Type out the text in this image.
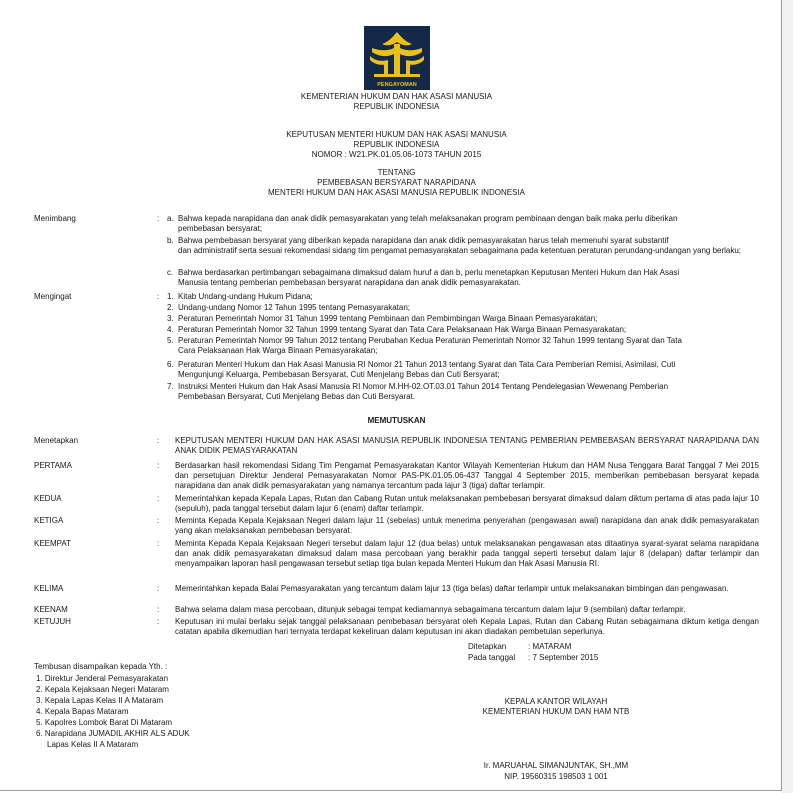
PENGAYOMAN
KEMENTERIAN HUKUM DAN HAK ASASI MANUSIA
REPUBLIK INDONESIA
KEPUTUSAN MENTERI HUKUM DAN HAK ASASI MANUSIA
REPUBLIK INDONESIA
NOMOR : W21.PK.01.05.06-1073 TAHUN 2015
TENTANG
PEMBEBASAN BERSYARAT NARAPIDANA
MENTERI HUKUM DAN HAK ASASI MANUSIA REPUBLIK INDONESIA
Menimbang	: a. Bahwa kepada narapidana dan anak didik pemasyarakatan yang telah melaksanakan program pembinaan dengan baik maka perlu diberikan
pembebasan bersyarat;
b. Bahwa pembebasan bersyarat yang diberikan kepada narapidana dan anak didik pemasyarakatan harus telah memenuhi syarat substantif
dan administratif serta sesuai rekomendasi sidang tim pengamat pemasyarakatan sebagaimana pada ketentuan peraturan perundang-undangan yang berlaku;
c. Bahwa berdasarkan pertimbangan sebagaimana dimaksud dalam huruf a dan b, perlu menetapkan Keputusan Menteri Hukum dan Hak Asasi
Manusia tentang pemberian pembebasan bersyarat narapidana dan anak didik pemasyarakatan.
Mengingat	: 1. Kitab Undang-undang Hukum Pidana;
2. Undang-undang Nomor 12 Tahun 1995 tentang Pemasyarakatan;
3. Peraturan Pemerintah Nomor 31 Tahun 1999 tentang Pembinaan dan Pembimbingan Warga Binaan Pemasyarakatan;
4. Peraturan Pemerintah Nomor 32 Tahun 1999 tentang Syarat dan Tata Cara Pelaksanaan Hak Warga Binaan Pemasyarakatan;
5. Peraturan Pemerintah Nomor 99 Tahun 2012 tentang Perubahan Kedua Peraturan Pemerintah Nomor 32 Tahun 1999 tentang Syarat dan Tata
Cara Pelaksanaan Hak Warga Binaan Pemasyarakatan;
6. Peraturan Menteri Hukum dan Hak Asasi Manusia RI Nomor 21 Tahun 2013 tentang Syarat dan Tata Cara Pemberian Remisi, Asimilasi, Cuti
Mengunjungi Keluarga, Pembebasan Bersyarat, Cuti Menjelang Bebas dan Cuti Bersyarat;
7. Instruksi Menteri Hukum dan Hak Asasi Manusia RI Nomor M.HH-02.OT.03.01 Tahun 2014 Tentang Pendelegasian Wewenang Pemberian
Pembebasan Bersyarat, Cuti Menjelang Bebas dan Cuti Bersyarat.
MEMUTUSKAN
Menetapkan	: KEPUTUSAN MENTERI HUKUM DAN HAK ASASI MANUSIA REPUBLIK INDONESIA TENTANG PEMBERIAN PEMBEBASAN BERSYARAT NARAPIDANA DAN ANAK DIDIK PEMASYARAKATAN
PERTAMA	: Berdasarkan hasil rekomendasi Sidang Tim Pengamat Pemasyarakatan Kantor Wilayah Kementerian Hukum dan HAM Nusa Tenggara Barat Tanggal 7 Mei 2015 dan persetujuan Direktur Jenderal Pemasyarakatan Nomor PAS-PK.01.05.06-437 Tanggal 4 September 2015, memberikan pembebasan bersyarat kepada narapidana dan anak didik pemasyarakatan yang namanya tercantum pada lajur 3 (tiga) daftar terlampir.
KEDUA	: Memerintahkan kepada Kepala Lapas, Rutan dan Cabang Rutan untuk melaksanakan pembebasan bersyarat dimaksud dalam diktum pertama di atas pada lajur 10 (sepuluh), pada tanggal tersebut dalam lajur 6 (enam) daftar terlampir.
KETIGA	: Meminta Kepada Kepala Kejaksaan Negeri dalam lajur 11 (sebelas) untuk menerima penyerahan (pengawasan awal) narapidana dan anak didik pemasyarakatan yang akan melaksanakan pembebasan bersyarat.
KEEMPAT	: Meminta Kepada Kepala Kejaksaan Negeri tersebut dalam lajur 12 (dua belas) untuk melaksanakan pengawasan atas ditaatinya syarat-syarat selama narapidana dan anak didik pemasyarakatan dimaksud dalam masa percobaan yang berakhir pada tanggal seperti tersebut dalam lajur 8 (delapan) daftar terlampir dan menyampaikan laporan hasil pengawasan tersebut setiap tiga bulan kepada Menteri Hukum dan Hak Asasi Manusia RI.
KELIMA	: Memerintahkan kepada Balai Pemasyarakatan yang tercantum dalam lajur 13 (tiga belas) daftar terlampir untuk melaksanakan bimbingan dan pengawasan.
KEENAM	: Bahwa selama dalam masa percobaan, ditunjuk sebagai tempat kediamannya sebagaimana tercantum dalam lajur 9 (sembilan) daftar terlampir.
KETUJUH	: Keputusan ini mulai berlaku sejak tanggal pelaksanaan pembebasan bersyarat oleh Kepala Lapas, Rutan dan Cabang Rutan sebagaimana diktum ketiga dengan catatan apabila dikemudian hari ternyata terdapat kekeliruan dalam keputusan ini akan diadakan pembetulan seperlunya.
Ditetapkan	: MATARAM
Pada tanggal : 7 September 2015
Tembusan disampaikan kepada Yth. :
1. Direktur Jenderal Pemasyarakatan
2. Kepala Kejaksaan Negeri Mataram
3. Kepala Lapas Kelas II A Mataram
4. Kepala Bapas Mataram
5. Kapolres Lombok Barat Di Mataram
6. Narapidana JUMADIL AKHIR ALS ADUK
Lapas Kelas II A Mataram
KEPALA KANTOR WILAYAH
KEMENTERIAN HUKUM DAN HAM NTB
Ir. MARUAHAL SIMANJUNTAK, SH.,MM
NIP. 19560315 198503 1 001
